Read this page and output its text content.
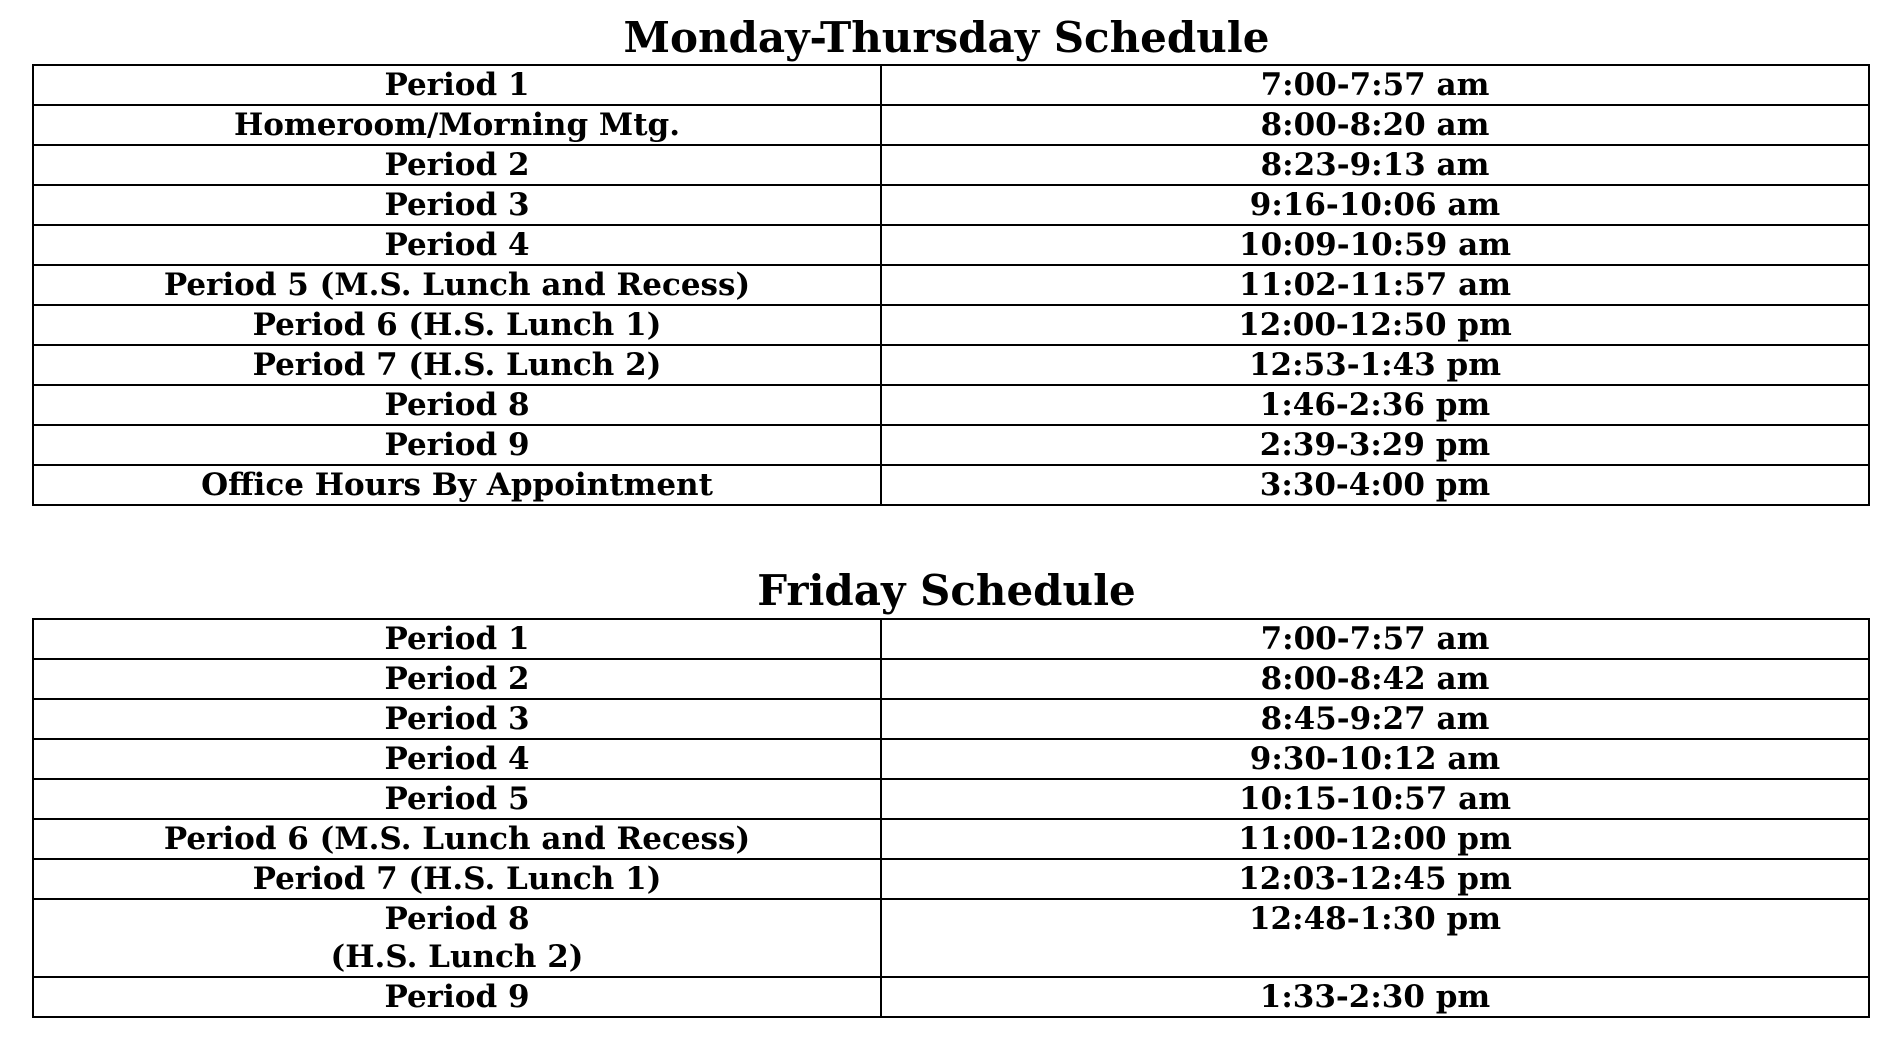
Monday-Thursday Schedule
Period 1	7:00-7:57 am
Homeroom/Morning Mtg.	8:00-8:20 am
Period 2	8:23-9:13 am
Period 3	9:16-10:06 am
Period 4	10:09-10:59 am
Period 5 (M.S. Lunch and Recess)	11:02-11:57 am
Period 6 (H.S. Lunch 1)	12:00-12:50 pm
Period 7 (H.S. Lunch 2)	12:53-1:43 pm
Period 8	1:46-2:36 pm
Period 9	2:39-3:29 pm
Office Hours By Appointment	3:30-4:00 pm
Friday Schedule
Period 1	7:00-7:57 am
Period 2	8:00-8:42 am
Period 3	8:45-9:27 am
Period 4	9:30-10:12 am
Period 5	10:15-10:57 am
Period 6 (M.S. Lunch and Recess)	11:00-12:00 pm
Period 7 (H.S. Lunch 1)	12:03-12:45 pm

Period 8
(H.S. Lunch 2)	12:48-1:30 pm
Period 9	1:33-2:30 pm
